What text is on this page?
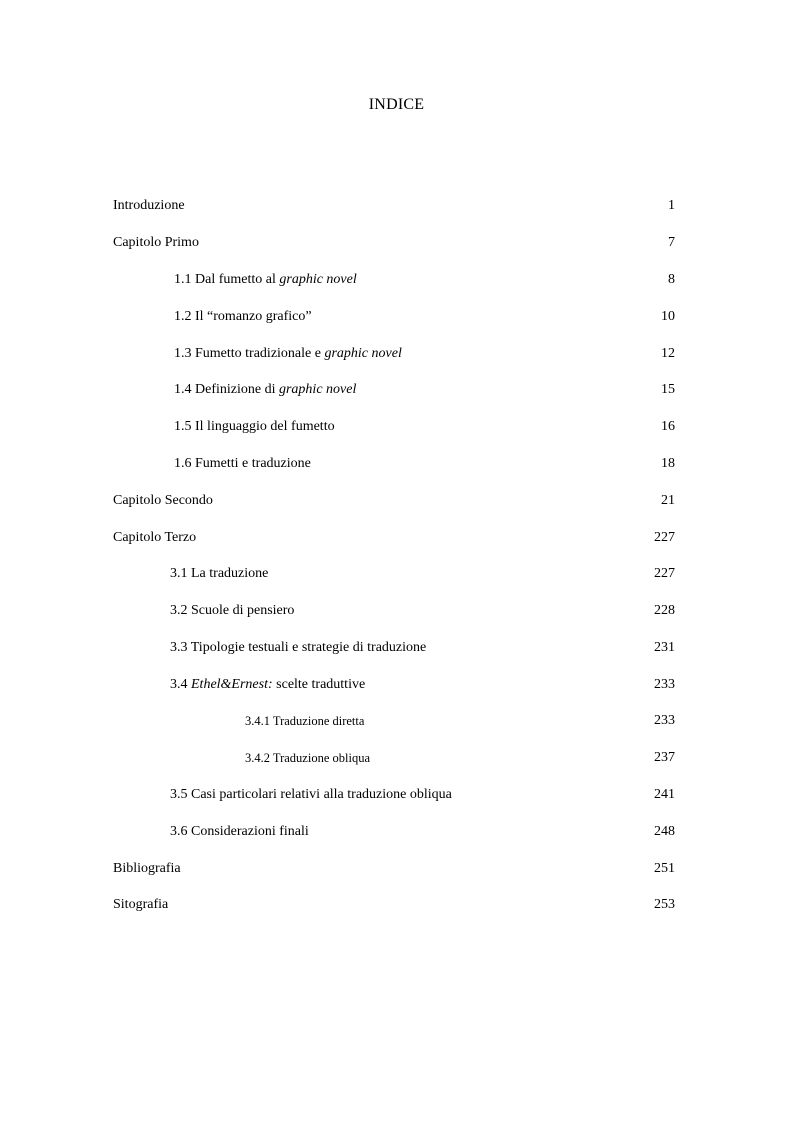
INDICE
Introduzione	1
Capitolo Primo	7
1.1 Dal fumetto al graphic novel	8
1.2 Il “romanzo grafico”	10
1.3 Fumetto tradizionale e graphic novel	12
1.4 Definizione di graphic novel	15
1.5 Il linguaggio del fumetto	16
1.6 Fumetti e traduzione	18
Capitolo Secondo	21
Capitolo Terzo	227
3.1 La traduzione	227
3.2 Scuole di pensiero	228
3.3 Tipologie testuali e strategie di traduzione	231
3.4 Ethel&Ernest: scelte traduttive	233
3.4.1 Traduzione diretta	233
3.4.2 Traduzione obliqua	237
3.5 Casi particolari relativi alla traduzione obliqua	241
3.6 Considerazioni finali	248
Bibliografia	251
Sitografia	253
